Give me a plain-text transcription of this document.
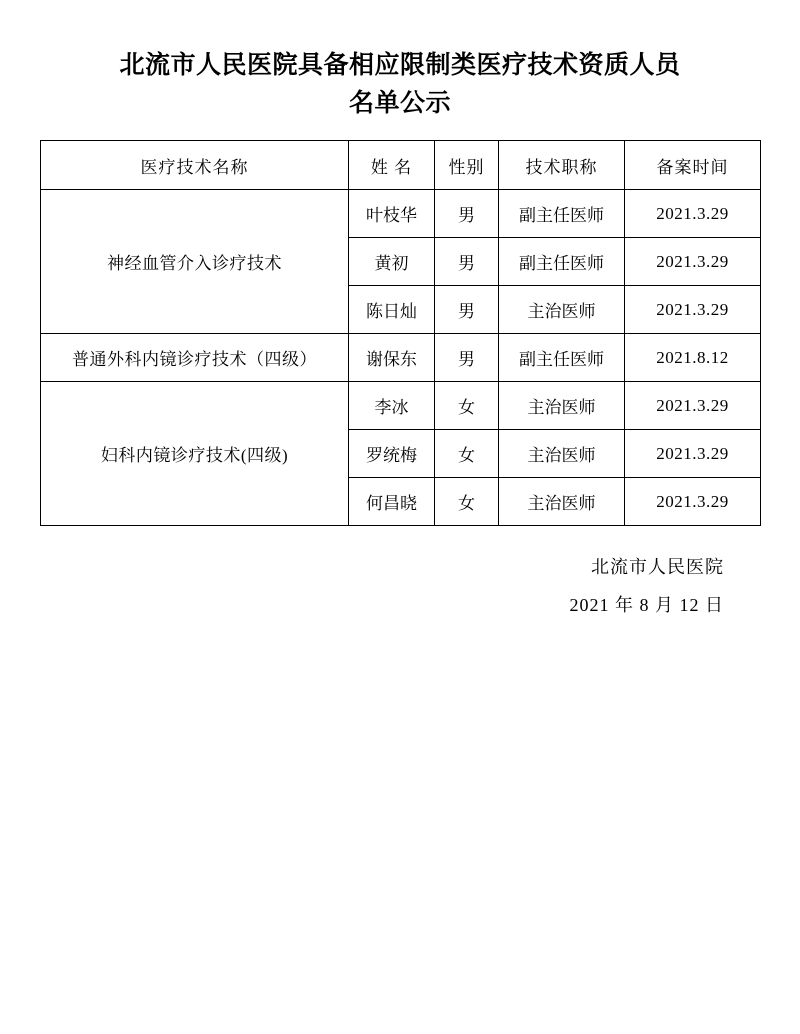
北流市人民医院具备相应限制类医疗技术资质人员
名单公示
医疗技术名称	姓 名	性别	技术职称	备案时间
神经血管介入诊疗技术	叶枝华	男	副主任医师	2021.3.29
	黄初	男	副主任医师	2021.3.29
	陈日灿	男	主治医师	2021.3.29
普通外科内镜诊疗技术（四级）	谢保东	男	副主任医师	2021.8.12
妇科内镜诊疗技术(四级)	李冰	女	主治医师	2021.3.29
	罗统梅	女	主治医师	2021.3.29
	何昌晓	女	主治医师	2021.3.29
北流市人民医院
2021 年 8 月 12 日
